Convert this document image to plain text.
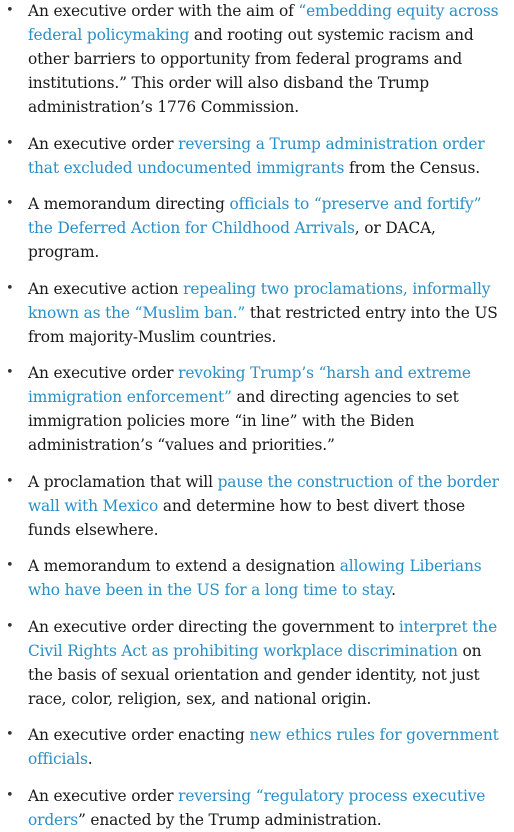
• An executive order with the aim of “embedding equity across federal policymaking and rooting out systemic racism and other barriers to opportunity from federal programs and institutions.” This order will also disband the Trump administration’s 1776 Commission.
• An executive order reversing a Trump administration order that excluded undocumented immigrants from the Census.
• A memorandum directing officials to “preserve and fortify” the Deferred Action for Childhood Arrivals, or DACA, program.
• An executive action repealing two proclamations, informally known as the “Muslim ban.” that restricted entry into the US from majority-Muslim countries.
• An executive order revoking Trump’s “harsh and extreme immigration enforcement” and directing agencies to set immigration policies more “in line” with the Biden administration’s “values and priorities.”
• A proclamation that will pause the construction of the border wall with Mexico and determine how to best divert those funds elsewhere.
• A memorandum to extend a designation allowing Liberians who have been in the US for a long time to stay.
• An executive order directing the government to interpret the Civil Rights Act as prohibiting workplace discrimination on the basis of sexual orientation and gender identity, not just race, color, religion, sex, and national origin.
• An executive order enacting new ethics rules for government officials.
• An executive order reversing “regulatory process executive orders” enacted by the Trump administration.
